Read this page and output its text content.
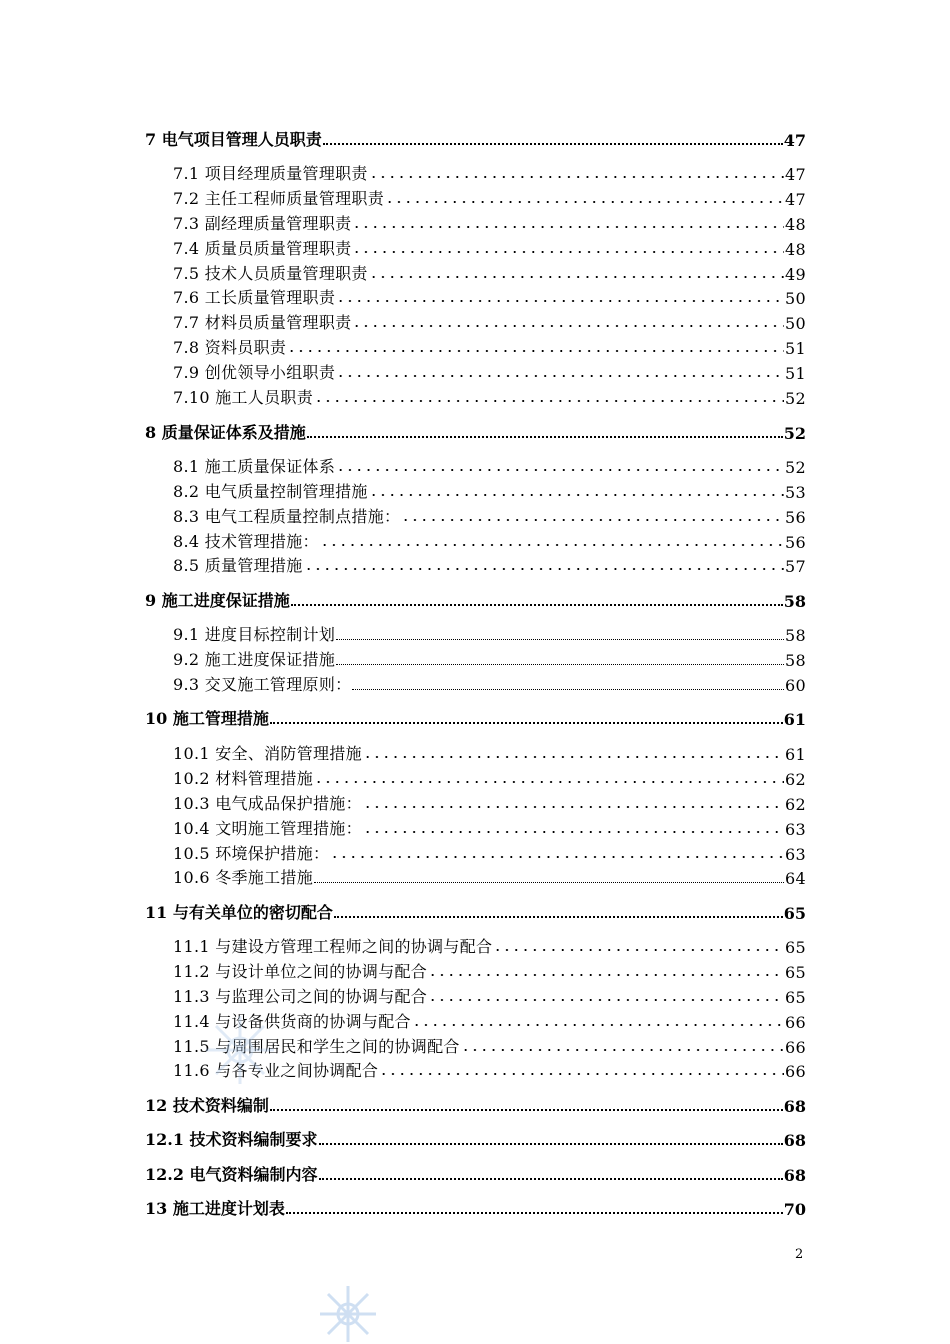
7 电气项目管理人员职责	47
7.1 项目经理质量管理职责	47
7.2 主任工程师质量管理职责	47
7.3 副经理质量管理职责	48
7.4 质量员质量管理职责	48
7.5 技术人员质量管理职责	49
7.6 工长质量管理职责	50
7.7 材料员质量管理职责	50
7.8 资料员职责	51
7.9 创优领导小组职责	51
7.10 施工人员职责	52
8 质量保证体系及措施	52
8.1 施工质量保证体系	52
8.2 电气质量控制管理措施	53
8.3 电气工程质量控制点措施：	56
8.4 技术管理措施：	56
8.5 质量管理措施	57
9 施工进度保证措施	58
9.1 进度目标控制计划	58
9.2 施工进度保证措施	58
9.3 交叉施工管理原则：	60
10 施工管理措施	61
10.1 安全、消防管理措施	61
10.2 材料管理措施	62
10.3 电气成品保护措施：	62
10.4 文明施工管理措施：	63
10.5 环境保护措施：	63
10.6 冬季施工措施	64
11 与有关单位的密切配合	65
11.1 与建设方管理工程师之间的协调与配合	65
11.2 与设计单位之间的协调与配合	65
11.3 与监理公司之间的协调与配合	65
11.4 与设备供货商的协调与配合	66
11.5 与周围居民和学生之间的协调配合	66
11.6 与各专业之间协调配合	66
12 技术资料编制	68
12.1 技术资料编制要求	68
12.2 电气资料编制内容	68
13 施工进度计划表	70
2
